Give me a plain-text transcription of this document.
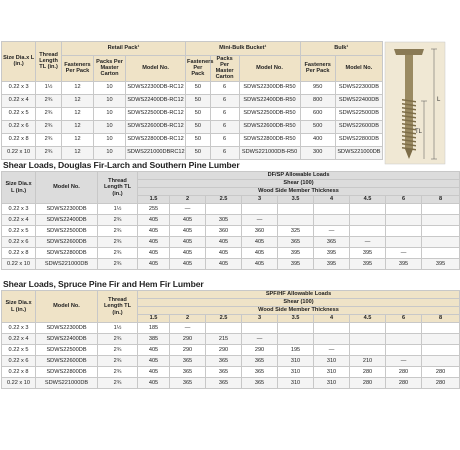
Size Dia.x L (in.)	Thread Length TL (in.)	Retail Pack¹			Mini-Bulk Bucket¹			Bulk¹	
		Fasteners Per Pack	Packs Per Master Carton	Model No.	Fasteners Per Pack	Packs Per Master Carton	Model No.	Fasteners Per Pack	Model No.
0.22 x 3	1½	12	10	SDWS22300DB-RC12	50	6	SDWS22300DB-R50	950	SDWS22300DB
0.22 x 4	2¾	12	10	SDWS22400DB-RC12	50	6	SDWS22400DB-R50	800	SDWS22400DB
0.22 x 5	2¾	12	10	SDWS22500DB-RC12	50	6	SDWS22500DB-R50	600	SDWS22500DB
0.22 x 6	2¾	12	10	SDWS22600DB-RC12	50	6	SDWS22600DB-R50	500	SDWS22600DB
0.22 x 8	2¾	12	10	SDWS22800DB-RC12	50	6	SDWS22800DB-R50	400	SDWS22800DB
0.22 x 10	2¾	12	10	SDWS221000DBRC12	50	6	SDWS221000DB-R50	300	SDWS221000DB
L
TL
Shear Loads, Douglas Fir-Larch and Southern Pine Lumber
Size Dia.x L (in.)	Model No.	Thread Length TL (in.)	DF/SP Allowable Loads								
			Shear (100)								
			Wood Side Member Thickness								
			1.5	2	2.5	3	3.5	4	4.5	6	8
0.22 x 3	SDWS22300DB	1½	255	—							
0.22 x 4	SDWS22400DB	2¾	405	405	305	—					
0.22 x 5	SDWS22500DB	2¾	405	405	360	360	325	—			
0.22 x 6	SDWS22600DB	2¾	405	405	405	405	365	365	—		
0.22 x 8	SDWS22800DB	2¾	405	405	405	405	395	395	395	—	
0.22 x 10	SDWS221000DB	2¾	405	405	405	405	395	395	395	395	395
Shear Loads, Spruce Pine Fir and Hem Fir Lumber
Size Dia.x L (in.)	Model No.	Thread Length TL (in.)	SPF/HF Allowable Loads								
			Shear (100)								
			Wood Side Member Thickness								
			1.5	2	2.5	3	3.5	4	4.5	6	8
0.22 x 3	SDWS22300DB	1½	185	—							
0.22 x 4	SDWS22400DB	2¾	385	290	215	—					
0.22 x 5	SDWS22500DB	2¾	405	290	290	290	195	—			
0.22 x 6	SDWS22600DB	2¾	405	365	365	365	310	310	210	—	
0.22 x 8	SDWS22800DB	2¾	405	365	365	365	310	310	280	280	280
0.22 x 10	SDWS221000DB	2¾	405	365	365	365	310	310	280	280	280
